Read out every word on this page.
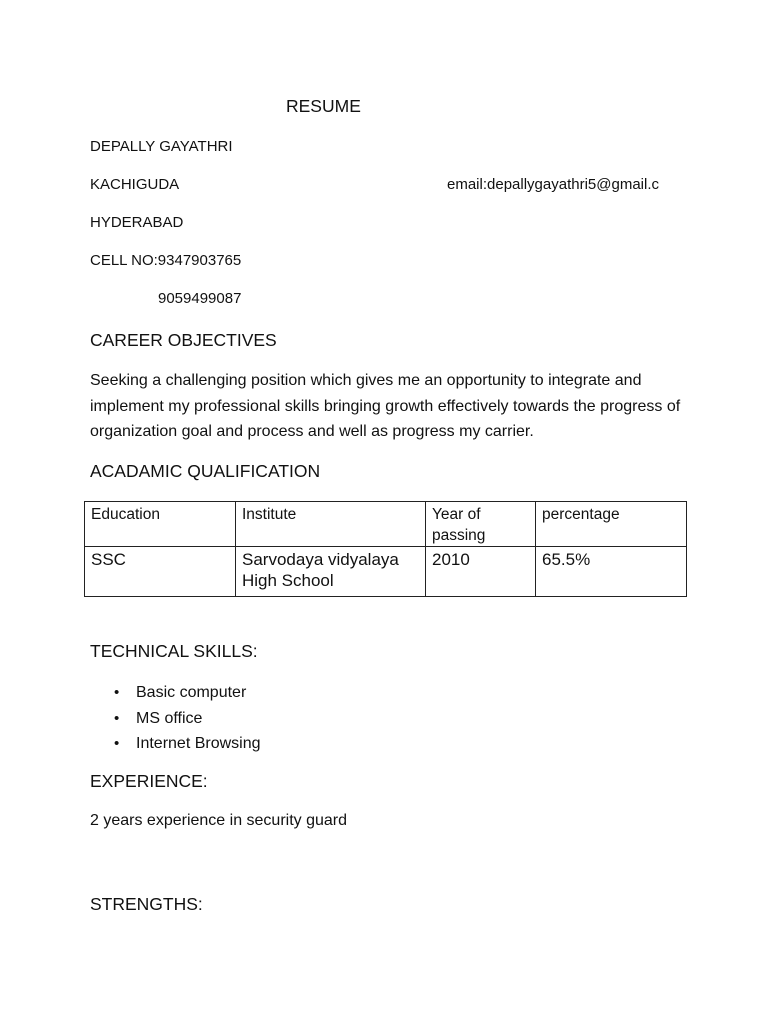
RESUME
DEPALLY GAYATHRI
KACHIGUDA	email:depallygayathri5@gmail.c
HYDERABAD
CELL NO:9347903765
9059499087
CAREER OBJECTIVES
Seeking a challenging position which gives me an opportunity to integrate and implement my professional skills bringing growth effectively towards the progress of organization goal and process and well as progress my carrier.
ACADAMIC QUALIFICATION
Education	Institute	Year of passing	percentage
SSC	Sarvodaya vidyalaya High School	2010	65.5%
TECHNICAL SKILLS:
• Basic computer
• MS office
• Internet Browsing
EXPERIENCE:
2 years experience in security guard
STRENGTHS:
